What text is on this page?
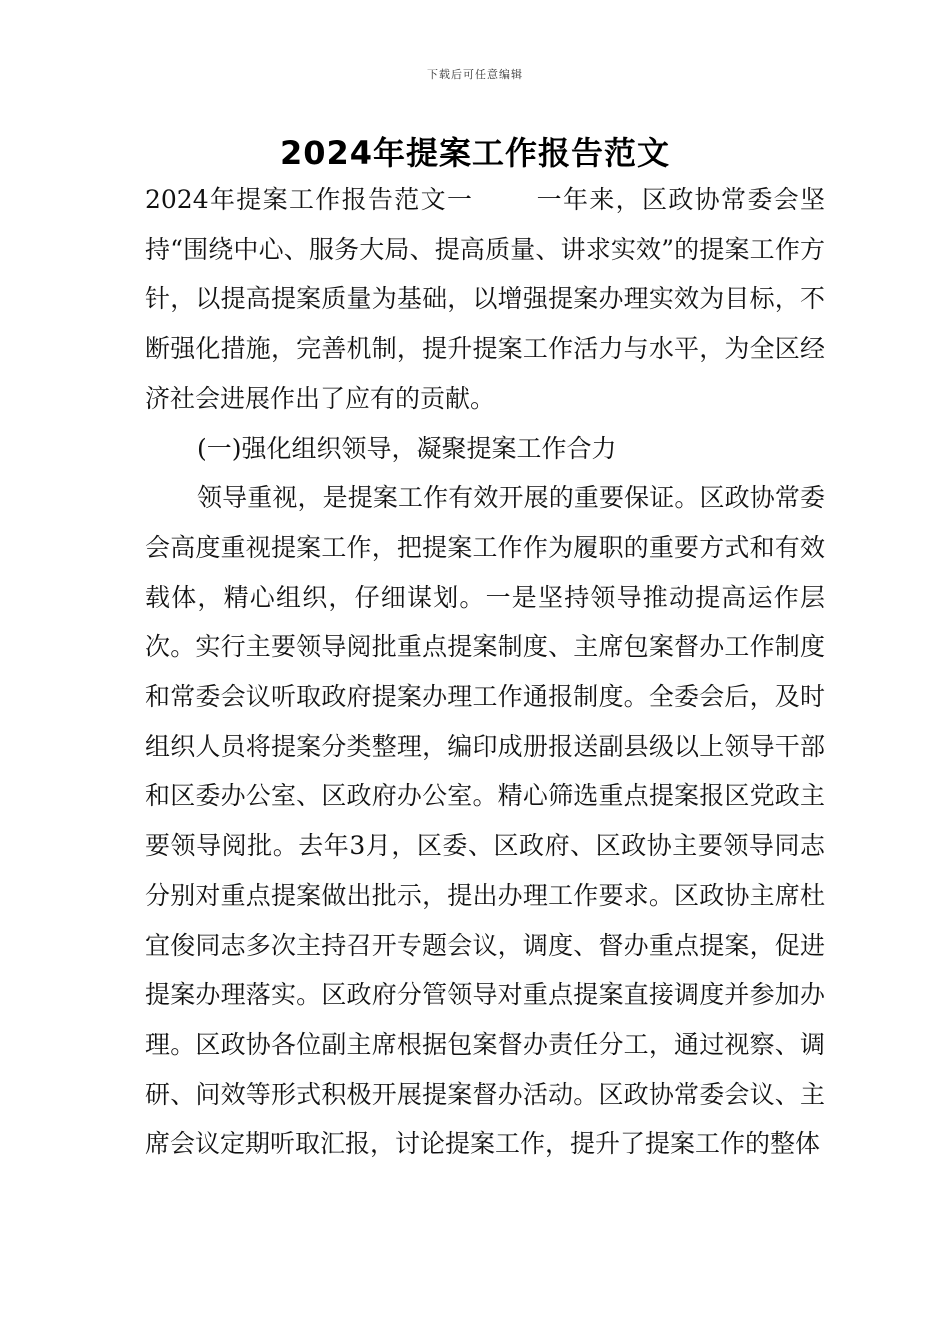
下载后可任意编辑
2024年提案工作报告范文

2024年提案工作报告范文一 一年来，区政协常委会坚持“围绕中心、服务大局、提高质量、讲求实效”的提案工作方针，以提高提案质量为基础，以增强提案办理实效为目标，不断强化措施，完善机制，提升提案工作活力与水平，为全区经济社会进展作出了应有的贡献。

(一)强化组织领导，凝聚提案工作合力

领导重视，是提案工作有效开展的重要保证。区政协常委会高度重视提案工作，把提案工作作为履职的重要方式和有效载体，精心组织，仔细谋划。一是坚持领导推动提高运作层次。实行主要领导阅批重点提案制度、主席包案督办工作制度和常委会议听取政府提案办理工作通报制度。全委会后，及时组织人员将提案分类整理，编印成册报送副县级以上领导干部和区委办公室、区政府办公室。精心筛选重点提案报区党政主要领导阅批。去年3月，区委、区政府、区政协主要领导同志分别对重点提案做出批示，提出办理工作要求。区政协主席杜宜俊同志多次主持召开专题会议，调度、督办重点提案，促进提案办理落实。区政府分管领导对重点提案直接调度并参加办理。区政协各位副主席根据包案督办责任分工，通过视察、调研、问效等形式积极开展提案督办活动。区政协常委会议、主席会议定期听取汇报，讨论提案工作，提升了提案工作的整体
